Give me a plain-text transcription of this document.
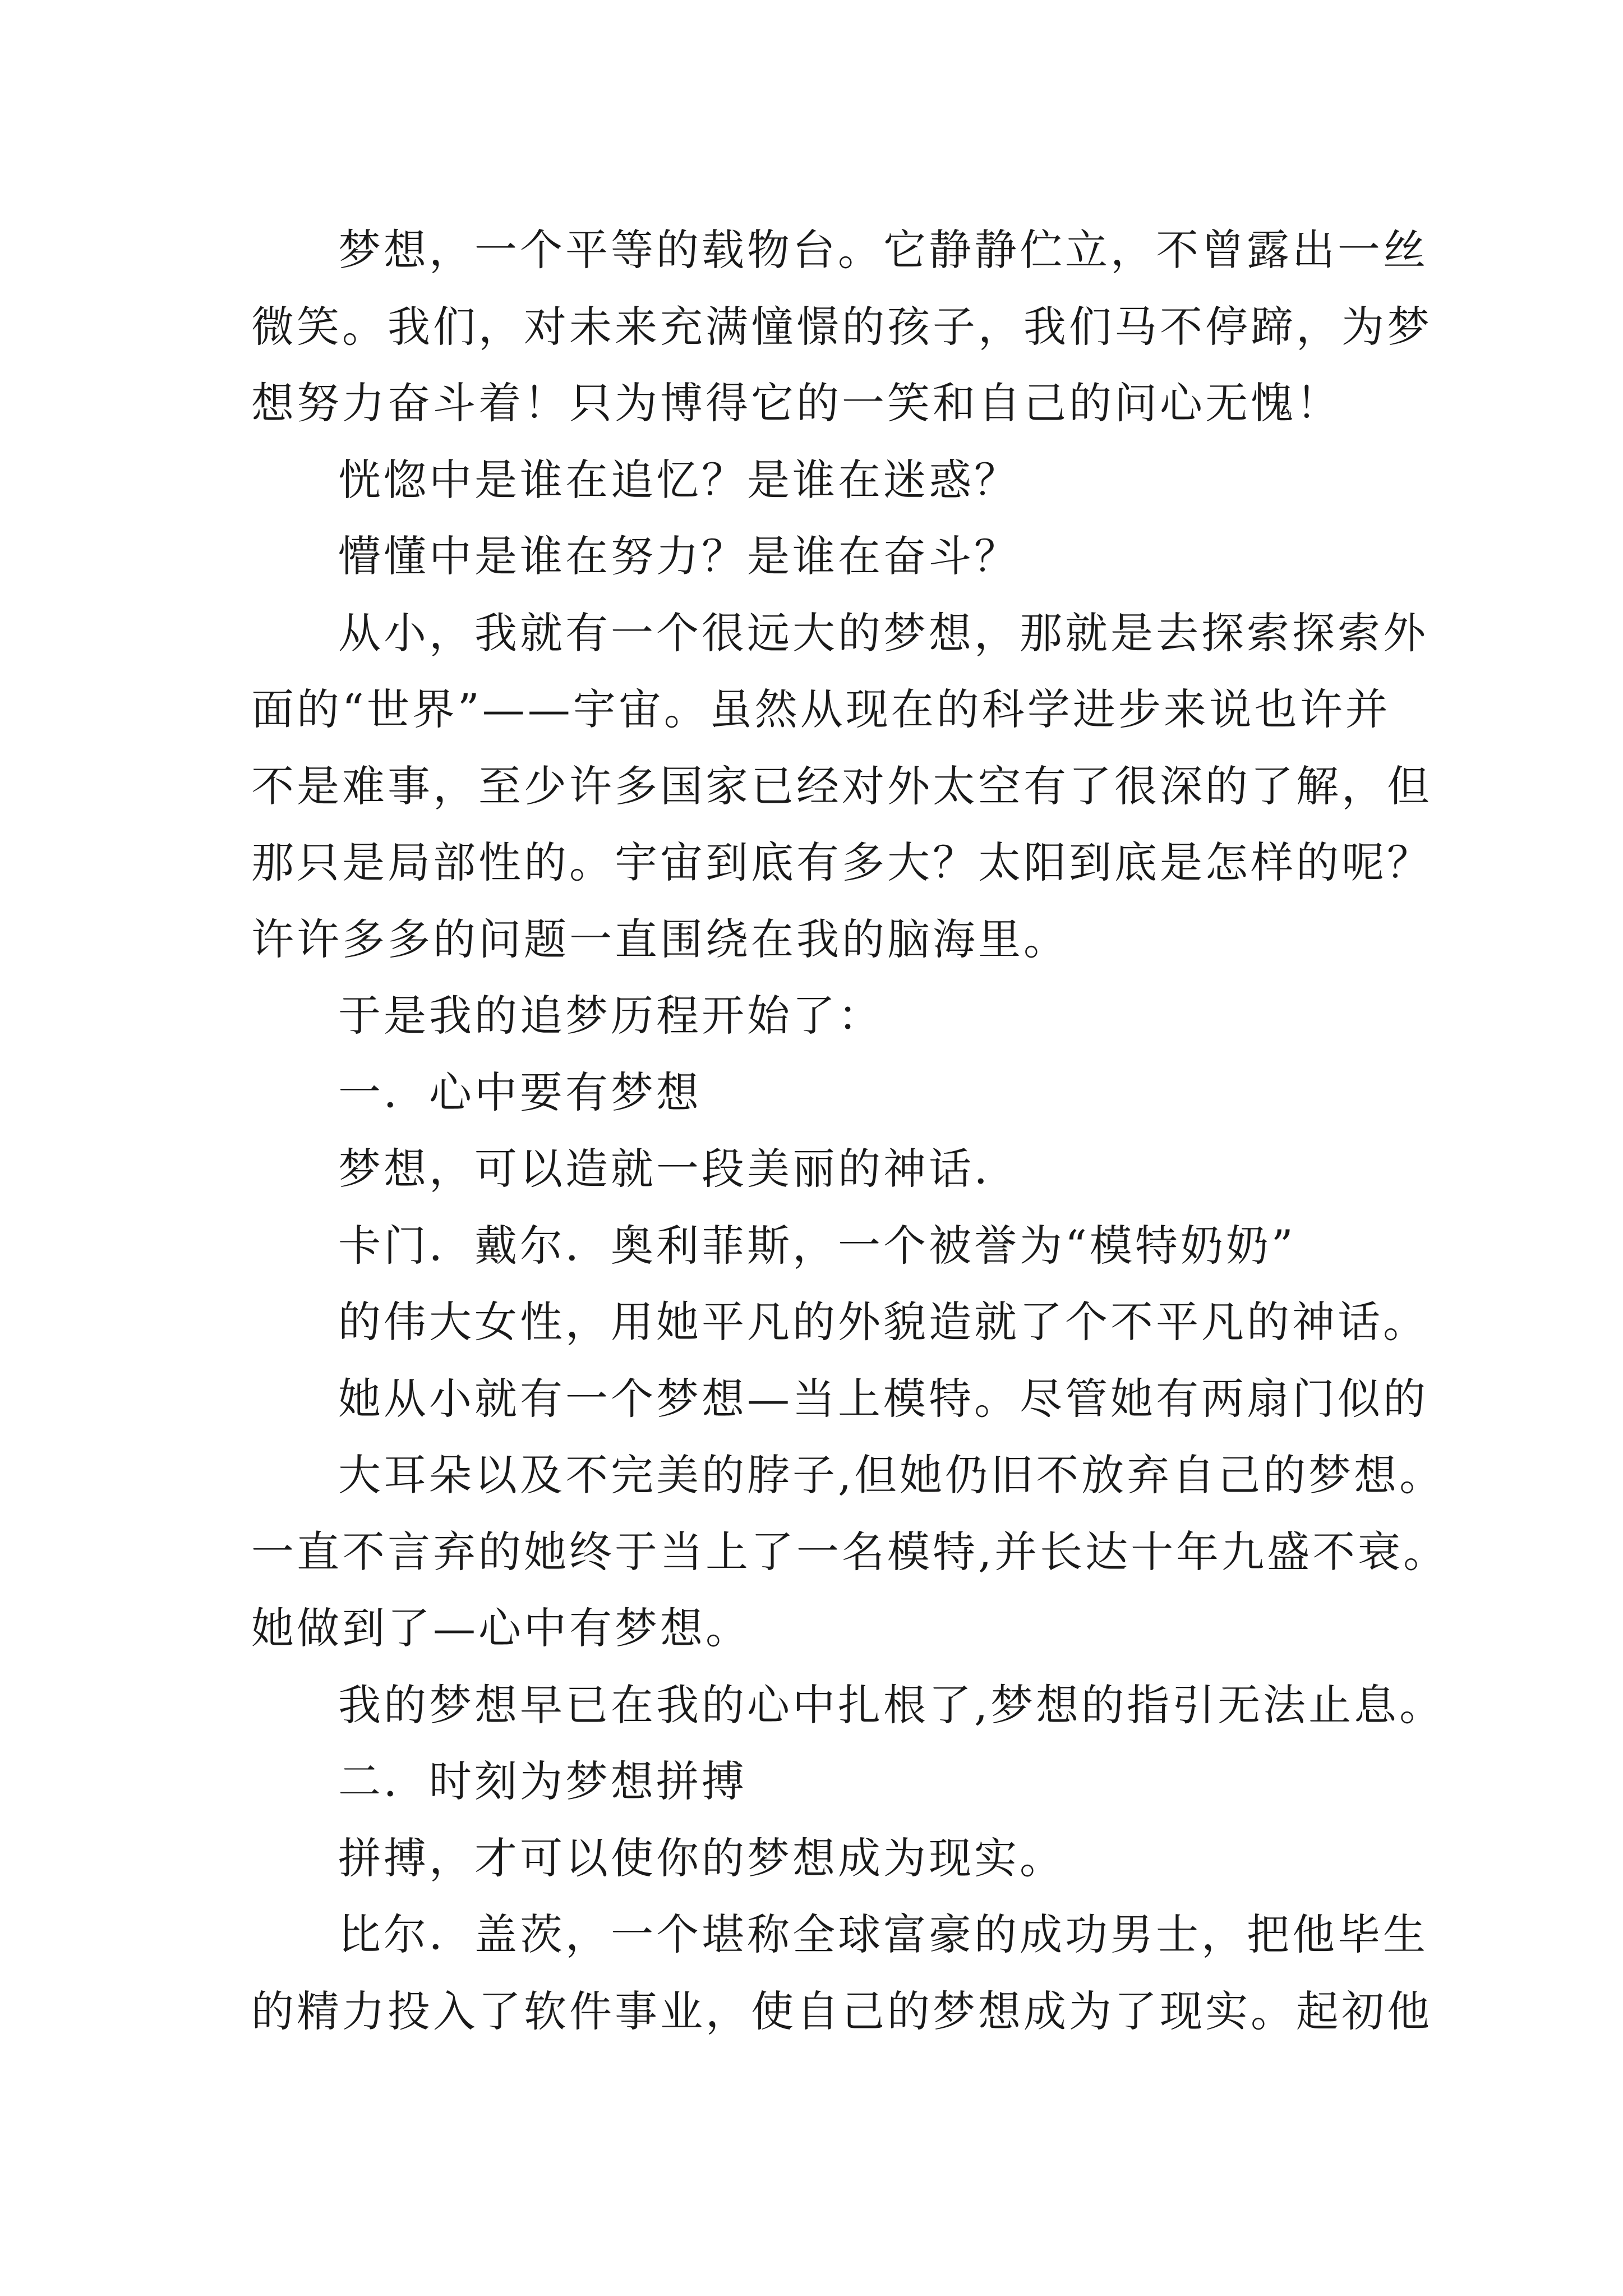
梦想，一个平等的载物台。它静静伫立，不曾露出一丝
微笑。我们，对未来充满憧憬的孩子，我们马不停蹄，为梦
想努力奋斗着！只为博得它的一笑和自己的问心无愧！
恍惚中是谁在追忆？是谁在迷惑？
懵懂中是谁在努力？是谁在奋斗？
从小，我就有一个很远大的梦想，那就是去探索探索外
面的“世界”——宇宙。虽然从现在的科学进步来说也许并
不是难事，至少许多国家已经对外太空有了很深的了解，但
那只是局部性的。宇宙到底有多大？太阳到底是怎样的呢？
许许多多的问题一直围绕在我的脑海里。
于是我的追梦历程开始了：
一．心中要有梦想
梦想，可以造就一段美丽的神话．
卡门．戴尔．奥利菲斯，一个被誉为“模特奶奶”
的伟大女性，用她平凡的外貌造就了个不平凡的神话。
她从小就有一个梦想—当上模特。尽管她有两扇门似的
大耳朵以及不完美的脖子,但她仍旧不放弃自己的梦想。
一直不言弃的她终于当上了一名模特,并长达十年九盛不衰。
她做到了—心中有梦想。
我的梦想早已在我的心中扎根了,梦想的指引无法止息。
二．时刻为梦想拼搏
拼搏，才可以使你的梦想成为现实。
比尔．盖茨，一个堪称全球富豪的成功男士，把他毕生
的精力投入了软件事业，使自己的梦想成为了现实。起初他
